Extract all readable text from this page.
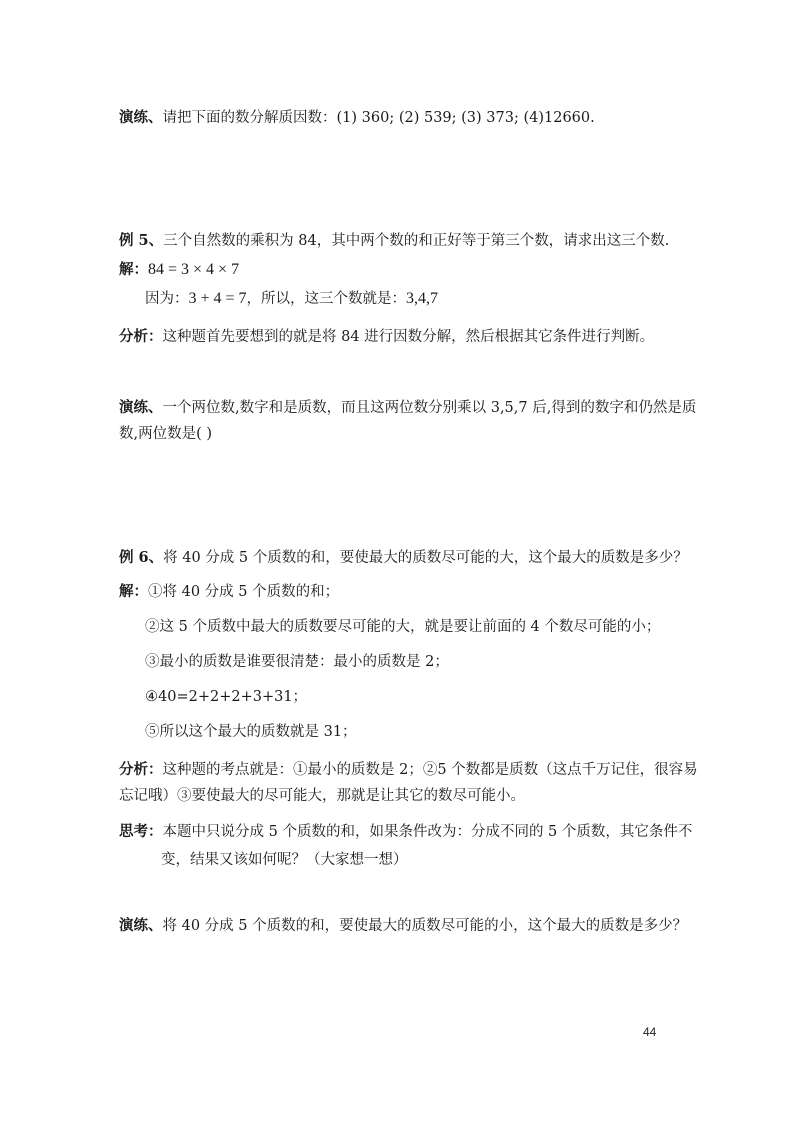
演练、请把下面的数分解质因数：(1) 360; (2) 539; (3) 373; (4)12660.
例 5、三个自然数的乘积为 84，其中两个数的和正好等于第三个数，请求出这三个数.
解：84 = 3 × 4 × 7
因为：3 + 4 = 7，所以，这三个数就是：3,4,7
分析：这种题首先要想到的就是将 84 进行因数分解，然后根据其它条件进行判断。
演练、一个两位数,数字和是质数，而且这两位数分别乘以 3,5,7 后,得到的数字和仍然是质
数,两位数是( )
例 6、将 40 分成 5 个质数的和，要使最大的质数尽可能的大，这个最大的质数是多少？
解：①将 40 分成 5 个质数的和；
②这 5 个质数中最大的质数要尽可能的大，就是要让前面的 4 个数尽可能的小；
③最小的质数是谁要很清楚：最小的质数是 2；
④40=2+2+2+3+31；
⑤所以这个最大的质数就是 31；
分析：这种题的考点就是：①最小的质数是 2；②5 个数都是质数（这点千万记住，很容易
忘记哦）③要使最大的尽可能大，那就是让其它的数尽可能小。
思考：本题中只说分成 5 个质数的和，如果条件改为：分成不同的 5 个质数，其它条件不
变，结果又该如何呢？（大家想一想）
演练、将 40 分成 5 个质数的和，要使最大的质数尽可能的小，这个最大的质数是多少？
44
